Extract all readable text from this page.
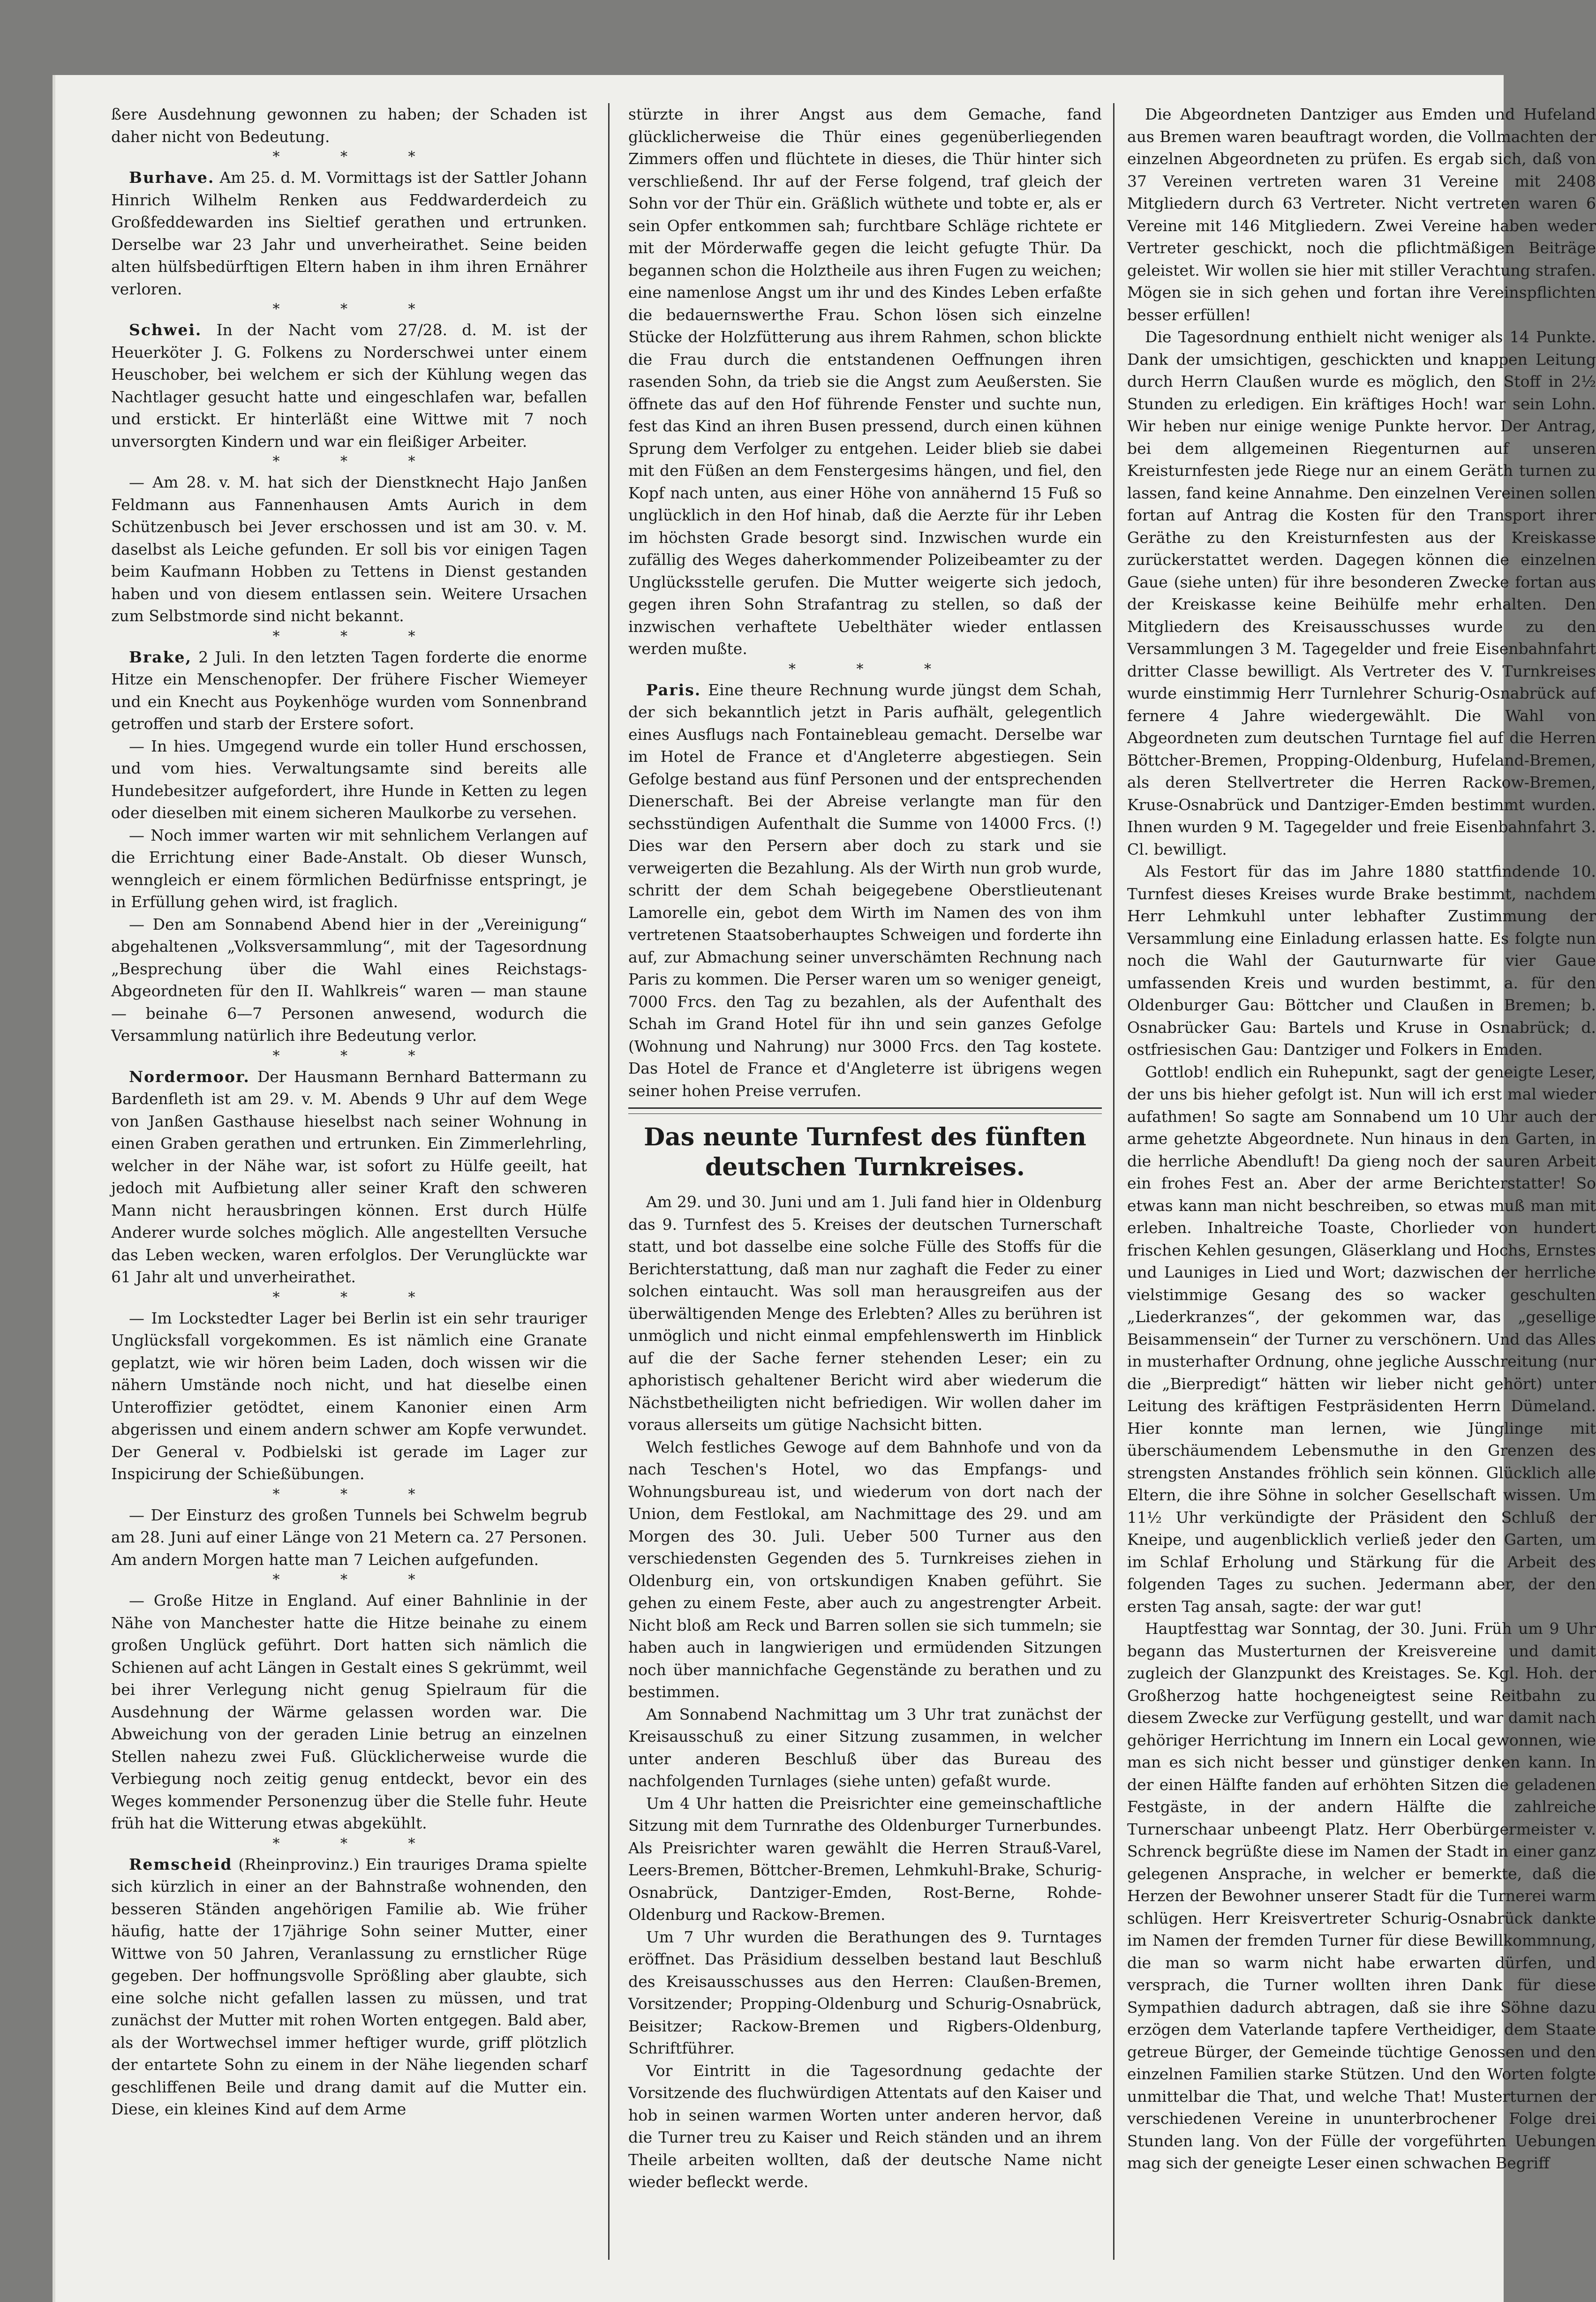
ßere Ausdehnung gewonnen zu haben; der Schaden ist daher nicht von Bedeutung.

* * *

Burhave. Am 25. d. M. Vormittags ist der Sattler Johann Hinrich Wilhelm Renken aus Feddwarderdeich zu Großfeddewarden ins Sieltief gerathen und ertrunken. Derselbe war 23 Jahr und unverheirathet. Seine beiden alten hülfsbedürftigen Eltern haben in ihm ihren Ernährer verloren.

* * *

Schwei. In der Nacht vom 27/28. d. M. ist der Heuerköter J. G. Folkens zu Norderschwei unter einem Heuschober, bei welchem er sich der Kühlung wegen das Nachtlager gesucht hatte und eingeschlafen war, befallen und erstickt. Er hinterläßt eine Wittwe mit 7 noch unversorgten Kindern und war ein fleißiger Arbeiter.

* * *

— Am 28. v. M. hat sich der Dienstknecht Hajo Janßen Feldmann aus Fannenhausen Amts Aurich in dem Schützenbusch bei Jever erschossen und ist am 30. v. M. daselbst als Leiche gefunden. Er soll bis vor einigen Tagen beim Kaufmann Hobben zu Tettens in Dienst gestanden haben und von diesem entlassen sein. Weitere Ursachen zum Selbstmorde sind nicht bekannt.

* * *

Brake, 2 Juli. In den letzten Tagen forderte die enorme Hitze ein Menschenopfer. Der frühere Fischer Wiemeyer und ein Knecht aus Poykenhöge wurden vom Sonnenbrand getroffen und starb der Erstere sofort.

— In hies. Umgegend wurde ein toller Hund erschossen, und vom hies. Verwaltungsamte sind bereits alle Hundebesitzer aufgefordert, ihre Hunde in Ketten zu legen oder dieselben mit einem sicheren Maulkorbe zu versehen.

— Noch immer warten wir mit sehnlichem Verlangen auf die Errichtung einer Bade-Anstalt. Ob dieser Wunsch, wenngleich er einem förmlichen Bedürfnisse entspringt, je in Erfüllung gehen wird, ist fraglich.

— Den am Sonnabend Abend hier in der „Vereinigung“ abgehaltenen „Volksversammlung“, mit der Tagesordnung „Besprechung über die Wahl eines Reichstags-Abgeordneten für den II. Wahlkreis“ waren — man staune — beinahe 6—7 Personen anwesend, wodurch die Versammlung natürlich ihre Bedeutung verlor.

* * *

Nordermoor. Der Hausmann Bernhard Battermann zu Bardenfleth ist am 29. v. M. Abends 9 Uhr auf dem Wege von Janßen Gasthause hieselbst nach seiner Wohnung in einen Graben gerathen und ertrunken. Ein Zimmerlehrling, welcher in der Nähe war, ist sofort zu Hülfe geeilt, hat jedoch mit Aufbietung aller seiner Kraft den schweren Mann nicht herausbringen können. Erst durch Hülfe Anderer wurde solches möglich. Alle angestellten Versuche das Leben wecken, waren erfolglos. Der Verunglückte war 61 Jahr alt und unverheirathet.

* * *

— Im Lockstedter Lager bei Berlin ist ein sehr trauriger Unglücksfall vorgekommen. Es ist nämlich eine Granate geplatzt, wie wir hören beim Laden, doch wissen wir die nähern Umstände noch nicht, und hat dieselbe einen Unteroffizier getödtet, einem Kanonier einen Arm abgerissen und einem andern schwer am Kopfe verwundet. Der General v. Podbielski ist gerade im Lager zur Inspicirung der Schießübungen.

* * *

— Der Einsturz des großen Tunnels bei Schwelm begrub am 28. Juni auf einer Länge von 21 Metern ca. 27 Personen. Am andern Morgen hatte man 7 Leichen aufgefunden.

* * *

— Große Hitze in England. Auf einer Bahnlinie in der Nähe von Manchester hatte die Hitze beinahe zu einem großen Unglück geführt. Dort hatten sich nämlich die Schienen auf acht Längen in Gestalt eines S gekrümmt, weil bei ihrer Verlegung nicht genug Spielraum für die Ausdehnung der Wärme gelassen worden war. Die Abweichung von der geraden Linie betrug an einzelnen Stellen nahezu zwei Fuß. Glücklicherweise wurde die Verbiegung noch zeitig genug entdeckt, bevor ein des Weges kommender Personenzug über die Stelle fuhr. Heute früh hat die Witterung etwas abgekühlt.

* * *

Remscheid (Rheinprovinz.) Ein trauriges Drama spielte sich kürzlich in einer an der Bahnstraße wohnenden, den besseren Ständen angehörigen Familie ab. Wie früher häufig, hatte der 17jährige Sohn seiner Mutter, einer Wittwe von 50 Jahren, Veranlassung zu ernstlicher Rüge gegeben. Der hoffnungsvolle Sprößling aber glaubte, sich eine solche nicht gefallen lassen zu müssen, und trat zunächst der Mutter mit rohen Worten entgegen. Bald aber, als der Wortwechsel immer heftiger wurde, griff plötzlich der entartete Sohn zu einem in der Nähe liegenden scharf geschliffenen Beile und drang damit auf die Mutter ein. Diese, ein kleines Kind auf dem Arme

stürzte in ihrer Angst aus dem Gemache, fand glücklicherweise die Thür eines gegenüberliegenden Zimmers offen und flüchtete in dieses, die Thür hinter sich verschließend. Ihr auf der Ferse folgend, traf gleich der Sohn vor der Thür ein. Gräßlich wüthete und tobte er, als er sein Opfer entkommen sah; furchtbare Schläge richtete er mit der Mörderwaffe gegen die leicht gefugte Thür. Da begannen schon die Holztheile aus ihren Fugen zu weichen; eine namenlose Angst um ihr und des Kindes Leben erfaßte die bedauernswerthe Frau. Schon lösen sich einzelne Stücke der Holzfütterung aus ihrem Rahmen, schon blickte die Frau durch die entstandenen Oeffnungen ihren rasenden Sohn, da trieb sie die Angst zum Aeußersten. Sie öffnete das auf den Hof führende Fenster und suchte nun, fest das Kind an ihren Busen pressend, durch einen kühnen Sprung dem Verfolger zu entgehen. Leider blieb sie dabei mit den Füßen an dem Fenstergesims hängen, und fiel, den Kopf nach unten, aus einer Höhe von annähernd 15 Fuß so unglücklich in den Hof hinab, daß die Aerzte für ihr Leben im höchsten Grade besorgt sind. Inzwischen wurde ein zufällig des Weges daherkommender Polizeibeamter zu der Unglücksstelle gerufen. Die Mutter weigerte sich jedoch, gegen ihren Sohn Strafantrag zu stellen, so daß der inzwischen verhaftete Uebelthäter wieder entlassen werden mußte.

* * *

Paris. Eine theure Rechnung wurde jüngst dem Schah, der sich bekanntlich jetzt in Paris aufhält, gelegentlich eines Ausflugs nach Fontainebleau gemacht. Derselbe war im Hotel de France et d'Angleterre abgestiegen. Sein Gefolge bestand aus fünf Personen und der entsprechenden Dienerschaft. Bei der Abreise verlangte man für den sechsstündigen Aufenthalt die Summe von 14000 Frcs. (!) Dies war den Persern aber doch zu stark und sie verweigerten die Bezahlung. Als der Wirth nun grob wurde, schritt der dem Schah beigegebene Oberstlieutenant Lamorelle ein, gebot dem Wirth im Namen des von ihm vertretenen Staatsoberhauptes Schweigen und forderte ihn auf, zur Abmachung seiner unverschämten Rechnung nach Paris zu kommen. Die Perser waren um so weniger geneigt, 7000 Frcs. den Tag zu bezahlen, als der Aufenthalt des Schah im Grand Hotel für ihn und sein ganzes Gefolge (Wohnung und Nahrung) nur 3000 Frcs. den Tag kostete. Das Hotel de France et d'Angleterre ist übrigens wegen seiner hohen Preise verrufen.

Das neunte Turnfest des fünften deutschen Turnkreises.

Am 29. und 30. Juni und am 1. Juli fand hier in Oldenburg das 9. Turnfest des 5. Kreises der deutschen Turnerschaft statt, und bot dasselbe eine solche Fülle des Stoffs für die Berichterstattung, daß man nur zaghaft die Feder zu einer solchen eintaucht. Was soll man herausgreifen aus der überwältigenden Menge des Erlebten? Alles zu berühren ist unmöglich und nicht einmal empfehlenswerth im Hinblick auf die der Sache ferner stehenden Leser; ein zu aphoristisch gehaltener Bericht wird aber wiederum die Nächstbetheiligten nicht befriedigen. Wir wollen daher im voraus allerseits um gütige Nachsicht bitten.

Welch festliches Gewoge auf dem Bahnhofe und von da nach Teschen's Hotel, wo das Empfangs- und Wohnungsbureau ist, und wiederum von dort nach der Union, dem Festlokal, am Nachmittage des 29. und am Morgen des 30. Juli. Ueber 500 Turner aus den verschiedensten Gegenden des 5. Turnkreises ziehen in Oldenburg ein, von ortskundigen Knaben geführt. Sie gehen zu einem Feste, aber auch zu angestrengter Arbeit. Nicht bloß am Reck und Barren sollen sie sich tummeln; sie haben auch in langwierigen und ermüdenden Sitzungen noch über mannichfache Gegenstände zu berathen und zu bestimmen.

Am Sonnabend Nachmittag um 3 Uhr trat zunächst der Kreisausschuß zu einer Sitzung zusammen, in welcher unter anderen Beschluß über das Bureau des nachfolgenden Turnlages (siehe unten) gefaßt wurde.

Um 4 Uhr hatten die Preisrichter eine gemeinschaftliche Sitzung mit dem Turnrathe des Oldenburger Turnerbundes. Als Preisrichter waren gewählt die Herren Strauß-Varel, Leers-Bremen, Böttcher-Bremen, Lehmkuhl-Brake, Schurig-Osnabrück, Dantziger-Emden, Rost-Berne, Rohde-Oldenburg und Rackow-Bremen.

Um 7 Uhr wurden die Berathungen des 9. Turntages eröffnet. Das Präsidium desselben bestand laut Beschluß des Kreisausschusses aus den Herren: Claußen-Bremen, Vorsitzender; Propping-Oldenburg und Schurig-Osnabrück, Beisitzer; Rackow-Bremen und Rigbers-Oldenburg, Schriftführer.

Vor Eintritt in die Tagesordnung gedachte der Vorsitzende des fluchwürdigen Attentats auf den Kaiser und hob in seinen warmen Worten unter anderen hervor, daß die Turner treu zu Kaiser und Reich ständen und an ihrem Theile arbeiten wollten, daß der deutsche Name nicht wieder befleckt werde.

Die Abgeordneten Dantziger aus Emden und Hufeland aus Bremen waren beauftragt worden, die Vollmachten der einzelnen Abgeordneten zu prüfen. Es ergab sich, daß von 37 Vereinen vertreten waren 31 Vereine mit 2408 Mitgliedern durch 63 Vertreter. Nicht vertreten waren 6 Vereine mit 146 Mitgliedern. Zwei Vereine haben weder Vertreter geschickt, noch die pflichtmäßigen Beiträge geleistet. Wir wollen sie hier mit stiller Verachtung strafen. Mögen sie in sich gehen und fortan ihre Vereinspflichten besser erfüllen!

Die Tagesordnung enthielt nicht weniger als 14 Punkte. Dank der umsichtigen, geschickten und knappen Leitung durch Herrn Claußen wurde es möglich, den Stoff in 2½ Stunden zu erledigen. Ein kräftiges Hoch! war sein Lohn. Wir heben nur einige wenige Punkte hervor. Der Antrag, bei dem allgemeinen Riegenturnen auf unseren Kreisturnfesten jede Riege nur an einem Geräth turnen zu lassen, fand keine Annahme. Den einzelnen Vereinen sollen fortan auf Antrag die Kosten für den Transport ihrer Geräthe zu den Kreisturnfesten aus der Kreiskasse zurückerstattet werden. Dagegen können die einzelnen Gaue (siehe unten) für ihre besonderen Zwecke fortan aus der Kreiskasse keine Beihülfe mehr erhalten. Den Mitgliedern des Kreisausschusses wurde zu den Versammlungen 3 M. Tagegelder und freie Eisenbahnfahrt dritter Classe bewilligt. Als Vertreter des V. Turnkreises wurde einstimmig Herr Turnlehrer Schurig-Osnabrück auf fernere 4 Jahre wiedergewählt. Die Wahl von Abgeordneten zum deutschen Turntage fiel auf die Herren Böttcher-Bremen, Propping-Oldenburg, Hufeland-Bremen, als deren Stellvertreter die Herren Rackow-Bremen, Kruse-Osnabrück und Dantziger-Emden bestimmt wurden. Ihnen wurden 9 M. Tagegelder und freie Eisenbahnfahrt 3. Cl. bewilligt.

Als Festort für das im Jahre 1880 stattfindende 10. Turnfest dieses Kreises wurde Brake bestimmt, nachdem Herr Lehmkuhl unter lebhafter Zustimmung der Versammlung eine Einladung erlassen hatte. Es folgte nun noch die Wahl der Gauturnwarte für vier Gaue umfassenden Kreis und wurden bestimmt, a. für den Oldenburger Gau: Böttcher und Claußen in Bremen; b. Osnabrücker Gau: Bartels und Kruse in Osnabrück; d. ostfriesischen Gau: Dantziger und Folkers in Emden.

Gottlob! endlich ein Ruhepunkt, sagt der geneigte Leser, der uns bis hieher gefolgt ist. Nun will ich erst mal wieder aufathmen! So sagte am Sonnabend um 10 Uhr auch der arme gehetzte Abgeordnete. Nun hinaus in den Garten, in die herrliche Abendluft! Da gieng noch der sauren Arbeit ein frohes Fest an. Aber der arme Berichterstatter! So etwas kann man nicht beschreiben, so etwas muß man mit erleben. Inhaltreiche Toaste, Chorlieder von hundert frischen Kehlen gesungen, Gläserklang und Hochs, Ernstes und Launiges in Lied und Wort; dazwischen der herrliche vielstimmige Gesang des so wacker geschulten „Liederkranzes“, der gekommen war, das „gesellige Beisammensein“ der Turner zu verschönern. Und das Alles in musterhafter Ordnung, ohne jegliche Ausschreitung (nur die „Bierpredigt“ hätten wir lieber nicht gehört) unter Leitung des kräftigen Festpräsidenten Herrn Dümeland. Hier konnte man lernen, wie Jünglinge mit überschäumendem Lebensmuthe in den Grenzen des strengsten Anstandes fröhlich sein können. Glücklich alle Eltern, die ihre Söhne in solcher Gesellschaft wissen. Um 11½ Uhr verkündigte der Präsident den Schluß der Kneipe, und augenblicklich verließ jeder den Garten, um im Schlaf Erholung und Stärkung für die Arbeit des folgenden Tages zu suchen. Jedermann aber, der den ersten Tag ansah, sagte: der war gut!

Hauptfesttag war Sonntag, der 30. Juni. Früh um 9 Uhr begann das Musterturnen der Kreisvereine und damit zugleich der Glanzpunkt des Kreistages. Se. Kgl. Hoh. der Großherzog hatte hochgeneigtest seine Reitbahn zu diesem Zwecke zur Verfügung gestellt, und war damit nach gehöriger Herrichtung im Innern ein Local gewonnen, wie man es sich nicht besser und günstiger denken kann. In der einen Hälfte fanden auf erhöhten Sitzen die geladenen Festgäste, in der andern Hälfte die zahlreiche Turnerschaar unbeengt Platz. Herr Oberbürgermeister v. Schrenck begrüßte diese im Namen der Stadt in einer ganz gelegenen Ansprache, in welcher er bemerkte, daß die Herzen der Bewohner unserer Stadt für die Turnerei warm schlügen. Herr Kreisvertreter Schurig-Osnabrück dankte im Namen der fremden Turner für diese Bewillkommnung, die man so warm nicht habe erwarten dürfen, und versprach, die Turner wollten ihren Dank für diese Sympathien dadurch abtragen, daß sie ihre Söhne dazu erzögen dem Vaterlande tapfere Vertheidiger, dem Staate getreue Bürger, der Gemeinde tüchtige Genossen und den einzelnen Familien starke Stützen. Und den Worten folgte unmittelbar die That, und welche That! Musterturnen der verschiedenen Vereine in ununterbrochener Folge drei Stunden lang. Von der Fülle der vorgeführten Uebungen mag sich der geneigte Leser einen schwachen Begriff
